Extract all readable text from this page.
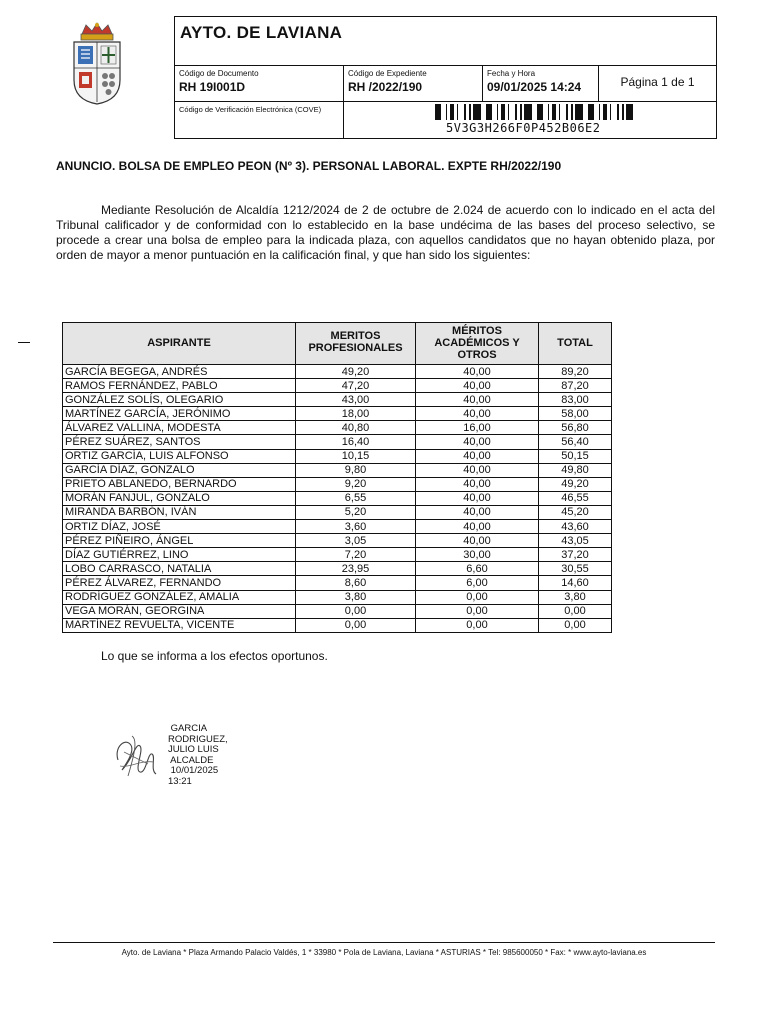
AYTO. DE LAVIANA
Código de Documento
RH 19I001D
Código de Expediente
RH /2022/190
Fecha y Hora
09/01/2025 14:24	Página 1 de 1
Código de Verificación Electrónica (COVE)
5V3G3H266F0P452B06E2
ANUNCIO. BOLSA DE EMPLEO PEON (Nº 3). PERSONAL LABORAL. EXPTE RH/2022/190

Mediante Resolución de Alcaldía 1212/2024 de 2 de octubre de 2.024 de acuerdo con lo indicado en el acta del Tribunal calificador y de conformidad con lo establecido en la base undécima de las bases del proceso selectivo, se procede a crear una bolsa de empleo para la indicada plaza, con aquellos candidatos que no hayan obtenido plaza, por orden de mayor a menor puntuación en la calificación final, y que han sido los siguientes:

ASPIRANTE	MERITOS PROFESIONALES	MÉRITOS ACADÉMICOS Y OTROS	TOTAL

GARCÍA BEGEGA, ANDRÉS	49,20	40,00	89,20
RAMOS FERNÁNDEZ, PABLO	47,20	40,00	87,20
GONZÁLEZ SOLÍS, OLEGARIO	43,00	40,00	83,00
MARTÍNEZ GARCÍA, JERÓNIMO	18,00	40,00	58,00
ÁLVAREZ VALLINA, MODESTA	40,80	16,00	56,80
PÉREZ SUÁREZ, SANTOS	16,40	40,00	56,40
ORTIZ GARCÍA, LUIS ALFONSO	10,15	40,00	50,15
GARCÍA DÍAZ, GONZALO	9,80	40,00	49,80
PRIETO ABLANEDO, BERNARDO	9,20	40,00	49,20
MORÁN FANJUL, GONZALO	6,55	40,00	46,55
MIRANDA BARBÓN, IVÁN	5,20	40,00	45,20
ORTIZ DÍAZ, JOSÉ	3,60	40,00	43,60
PÉREZ PIÑEIRO, ÁNGEL	3,05	40,00	43,05
DÍAZ GUTIÉRREZ, LINO	7,20	30,00	37,20
LOBO CARRASCO, NATALIA	23,95	6,60	30,55
PÉREZ ÁLVAREZ, FERNANDO	8,60	6,00	14,60
RODRÍGUEZ GONZÁLEZ, AMALIA	3,80	0,00	3,80
VEGA MORÁN, GEORGINA	0,00	0,00	0,00
MARTÍNEZ REVUELTA, VICENTE	0,00	0,00	0,00
Lo que se informa a los efectos oportunos.
GARCIA
RODRIGUEZ,
JULIO LUIS
ALCALDE
10/01/2025
13:21
Ayto. de Laviana * Plaza Armando Palacio Valdés, 1 * 33980 * Pola de Laviana, Laviana * ASTURIAS * Tel: 985600050 * Fax: * www.ayto-laviana.es
